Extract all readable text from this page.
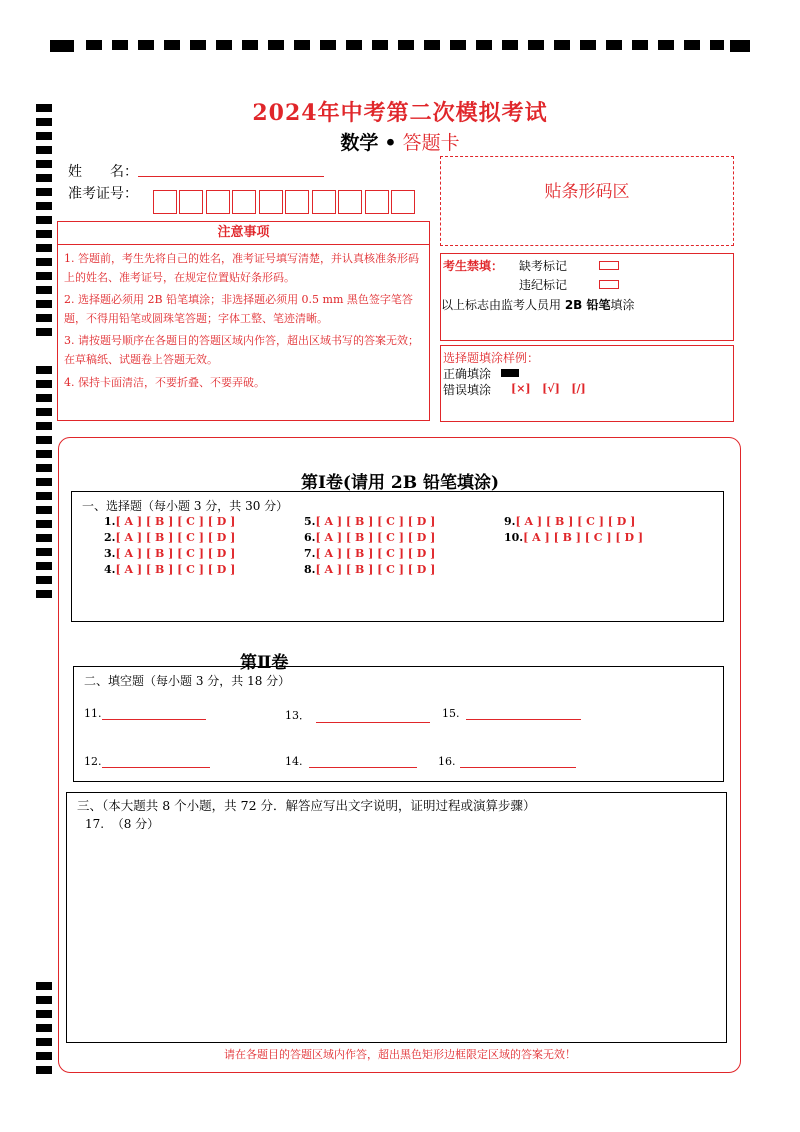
2024年中考第二次模拟考试
数学 • 答题卡
姓　　名：
准考证号：	贴条形码区
注意事项
1. 答题前，考生先将自己的姓名，准考证号填写清楚，并认真核准条形码上的姓名、准考证号，在规定位置贴好条形码。
2. 选择题必须用 2B 铅笔填涂；非选择题必须用 0.5 mm 黑色签字笔答题，不得用铅笔或圆珠笔答题；字体工整、笔迹清晰。
3. 请按题号顺序在各题目的答题区域内作答，超出区域书写的答案无效；在草稿纸、试题卷上答题无效。
4. 保持卡面清洁，不要折叠、不要弄破。
考生禁填： 缺考标记
违纪标记
以上标志由监考人员用 2B 铅笔填涂
选择题填涂样例：
正确填涂
错误填涂 [×] [√] [/]
第Ⅰ卷(请用 2B 铅笔填涂)
一、选择题（每小题 3 分，共 30 分）
1.[ A ] [ B ] [ C ] [ D ]
2.[ A ] [ B ] [ C ] [ D ]
3.[ A ] [ B ] [ C ] [ D ]
4.[ A ] [ B ] [ C ] [ D ]
5.[ A ] [ B ] [ C ] [ D ]
6.[ A ] [ B ] [ C ] [ D ]
7.[ A ] [ B ] [ C ] [ D ]
8.[ A ] [ B ] [ C ] [ D ]
9.[ A ] [ B ] [ C ] [ D ]
10.[ A ] [ B ] [ C ] [ D ]
第Ⅱ卷
二、填空题（每小题 3 分，共 18 分）
11.	13．	15.
12.	14.	16.
三、（本大题共 8 个小题，共 72 分．解答应写出文字说明，证明过程或演算步骤）
17.  （8 分）
请在各题目的答题区域内作答，超出黑色矩形边框限定区域的答案无效！
